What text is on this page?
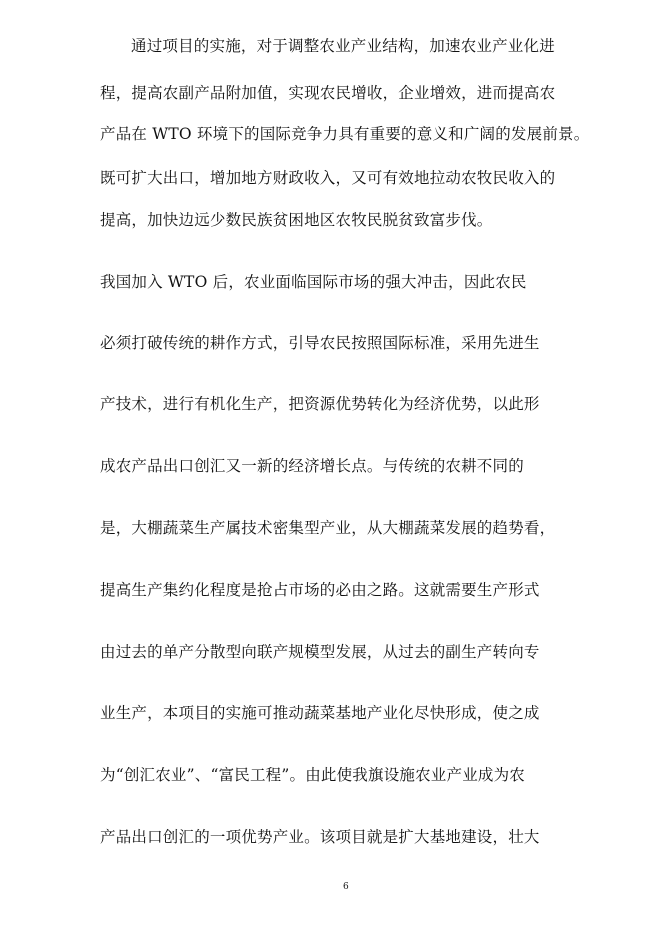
通过项目的实施，对于调整农业产业结构，加速农业产业化进
程，提高农副产品附加值，实现农民增收，企业增效，进而提高农
产品在 WTO 环境下的国际竞争力具有重要的意义和广阔的发展前景。
既可扩大出口，增加地方财政收入，又可有效地拉动农牧民收入的
提高，加快边远少数民族贫困地区农牧民脱贫致富步伐。
我国加入 WTO 后，农业面临国际市场的强大冲击，因此农民
必须打破传统的耕作方式，引导农民按照国际标准，采用先进生
产技术，进行有机化生产，把资源优势转化为经济优势，以此形
成农产品出口创汇又一新的经济增长点。与传统的农耕不同的
是，大棚蔬菜生产属技术密集型产业，从大棚蔬菜发展的趋势看，
提高生产集约化程度是抢占市场的必由之路。这就需要生产形式
由过去的单产分散型向联产规模型发展，从过去的副生产转向专
业生产，本项目的实施可推动蔬菜基地产业化尽快形成，使之成
为“创汇农业”、“富民工程”。由此使我旗设施农业产业成为农
产品出口创汇的一项优势产业。该项目就是扩大基地建设，壮大
6
